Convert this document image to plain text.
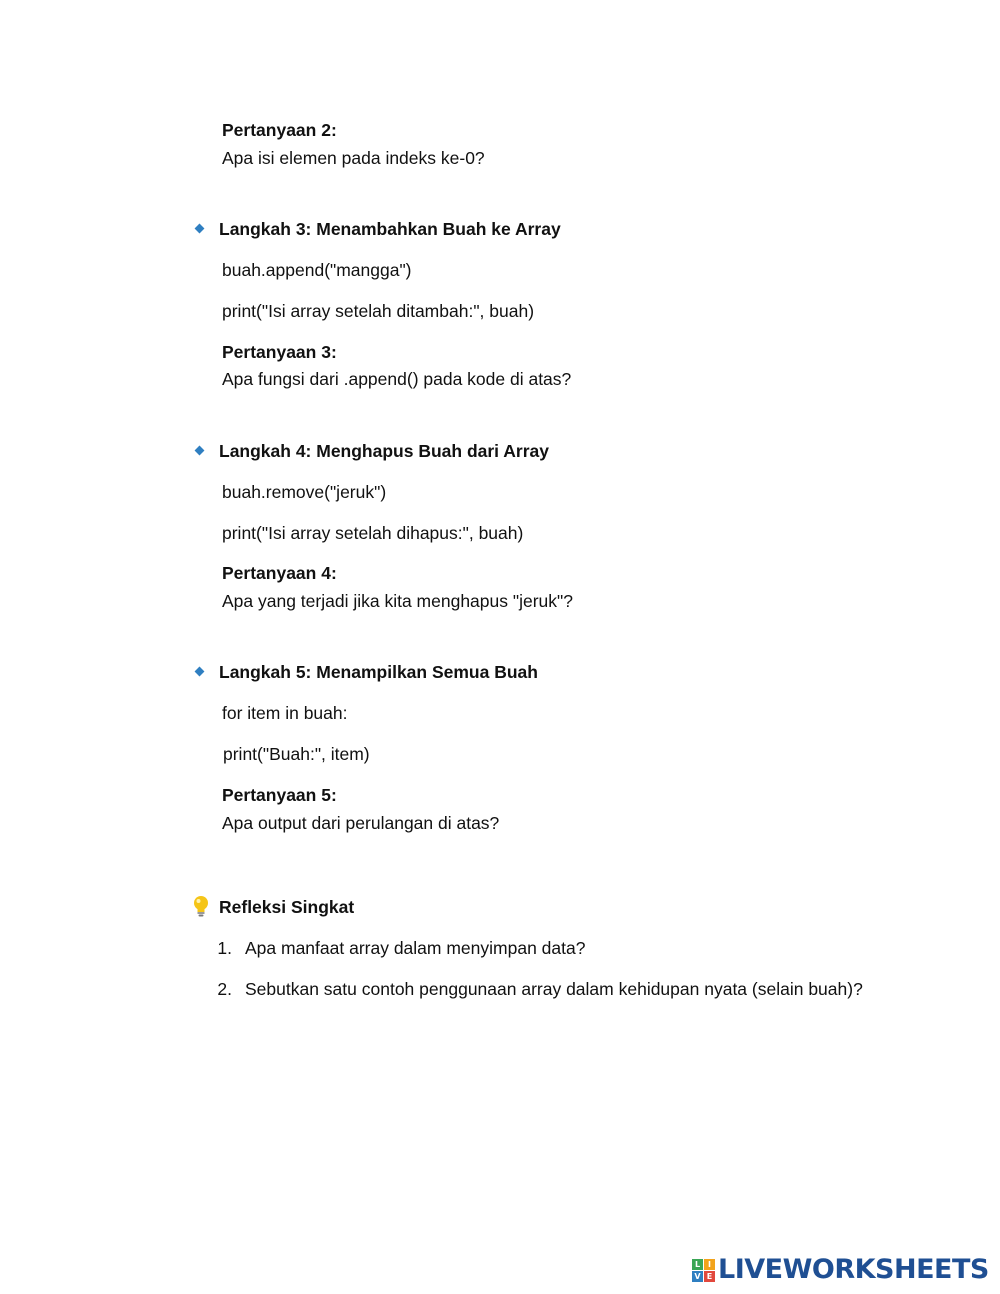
Pertanyaan 2:
Apa isi elemen pada indeks ke-0?
Langkah 3: Menambahkan Buah ke Array
buah.append("mangga")
print("Isi array setelah ditambah:", buah)
Pertanyaan 3:
Apa fungsi dari .append() pada kode di atas?
Langkah 4: Menghapus Buah dari Array
buah.remove("jeruk")
print("Isi array setelah dihapus:", buah)
Pertanyaan 4:
Apa yang terjadi jika kita menghapus "jeruk"?
Langkah 5: Menampilkan Semua Buah
for item in buah:
print("Buah:", item)
Pertanyaan 5:
Apa output dari perulangan di atas?
Refleksi Singkat
1. Apa manfaat array dalam menyimpan data?
2. Sebutkan satu contoh penggunaan array dalam kehidupan nyata (selain buah)?
L I
V E LIVEWORKSHEETS
